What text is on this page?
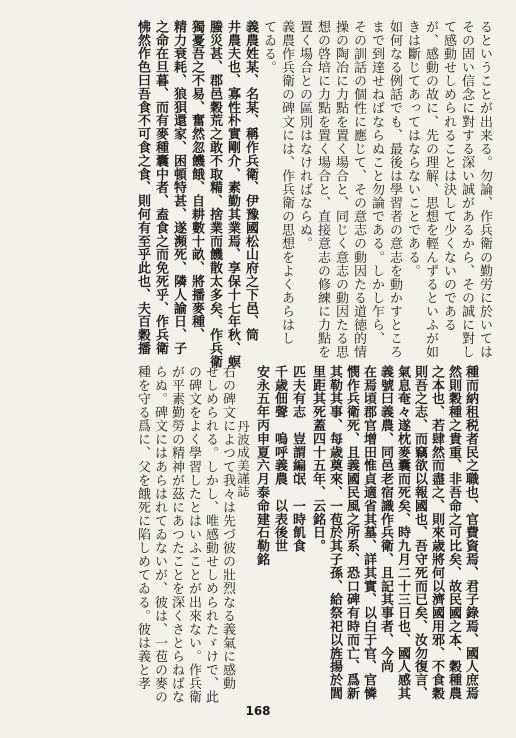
るということが出来る。勿論、作兵衛の勤労に於いては
その固い信念に對する深い誠があるから、その誠に對し
て感動せしめられることは決して少くないのである
が、感動の故に、先の理解、思想を輕んずるといふが如
きは斷じてあってはならないことである。
如何なる例話でも、最後は學習者の意志を動かすところ
まで到達せねばならぬこと勿論である。しかし乍ら、
その訓話の個性に應じて、その意志の動因たる道徳的情
操の陶冶に力點を置く場合と、同じく意志の動因たる思
想の啓培に力點を置く場合と、直接意志の修練に力點を
置く場合との區別はなければならぬ。
義農作兵衛の碑文には、作兵衛の思想をよくあらはし
てゐる。
義農姓某、名某、稱作兵衛、伊豫國松山府之下邑、筒
井農夫也、寡性朴實剛介、素勤其業焉、享保十七年秋、螟
螣災甚、郡邑穀荒之敢不取糒、捨業而饑散太多矣、作兵衛
獨憂吾之不易、奮然忽饑餓、自耕數十畝、將播麥種、
精力衰耗、狼狽還家、困頓特甚、遂瀕死、隣人諭日、子
之命在旦暮、而有麥種囊中者、盍食之而免死乎、作兵衛
怫然作色曰吾食不可食之食、則何有至乎此也、夫百穀播
種而納租税者民之職也、官費資焉、君子錄焉、國人庶焉
然則穀種之貴重、非吾命之可比矣、故民國之本、穀種農
之本也、若肆然而盡之、則來歳將何以濟國用邪、不食穀
則吾之志、而竊欲以報國也、吾守死而已矣、汝勿復言、
氣息奄々遂枕麥囊而死矣、時九月二十三日也、國人感其
義號曰義農、同邑老宿識作兵衛、且記其事者、今尚
在焉頃郡官增田惟貞適省其墓、詳其實、以白于官、官憐
憫作兵衛死、且義國民風之所系、恐口碑有時而亡、爲新
其勒其事、每歳奠來、一苞於其子孫、給祭祀以旌揚於閭
里距其死蓋四十五年、云銘日。
匹夫有志　豈謂編氓　一時飢食
千歳佃聲　嗚呼義農　以表後世
安永五年丙申夏六月泰命建石勒銘
丹波成美謹誌
右の碑文によつて我々は先づ彼の壯烈なる義氣に感動
せしめられる。しかし、唯感動せしめられたゞけで、此
の碑文をよく學習したとはいふことが出來ない。作兵衛
が平素勤勞の精神が茲にあつたことを深くさとらねばな
らぬ。碑文にはあらはれてゐないが、彼は、一苞の麥の
種を守る爲に、父を餓死に陷しめてゐる。彼は義と孝
168
